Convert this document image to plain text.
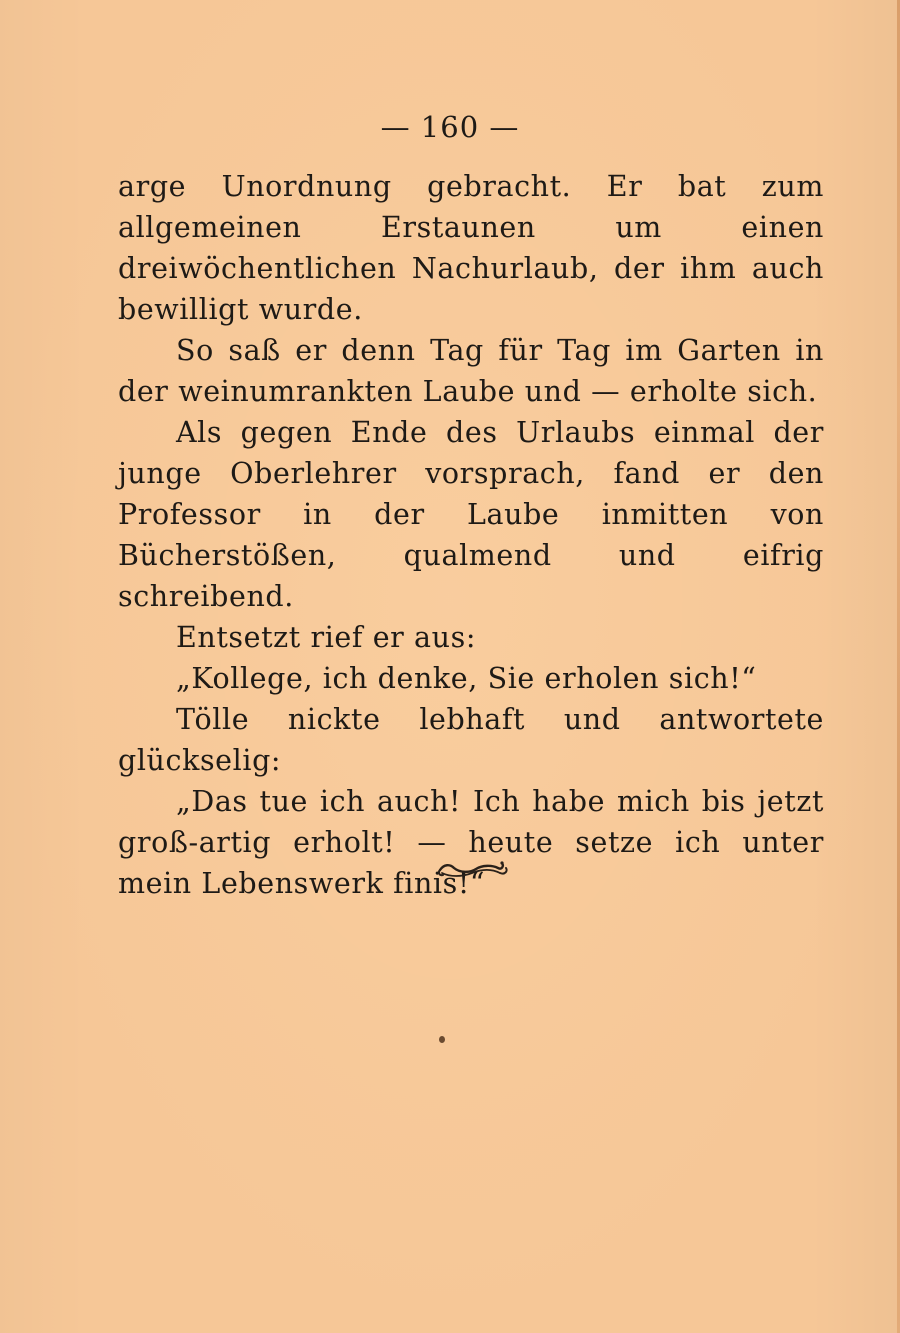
— 160 —

arge Unordnung gebracht. Er bat zum allgemeinen Erstaunen um einen dreiwöchentlichen Nachurlaub, der ihm auch bewilligt wurde.

So saß er denn Tag für Tag im Garten in der weinumrankten Laube und — erholte sich.

Als gegen Ende des Urlaubs einmal der junge Oberlehrer vorsprach, fand er den Professor in der Laube inmitten von Bücherstößen, qualmend und eifrig schreibend.

Entsetzt rief er aus:

„Kollege, ich denke, Sie erholen sich!“

Tölle nickte lebhaft und antwortete glückselig:

„Das tue ich auch! Ich habe mich bis jetzt groß-artig erholt! — heute setze ich unter mein Lebenswerk finis!“
